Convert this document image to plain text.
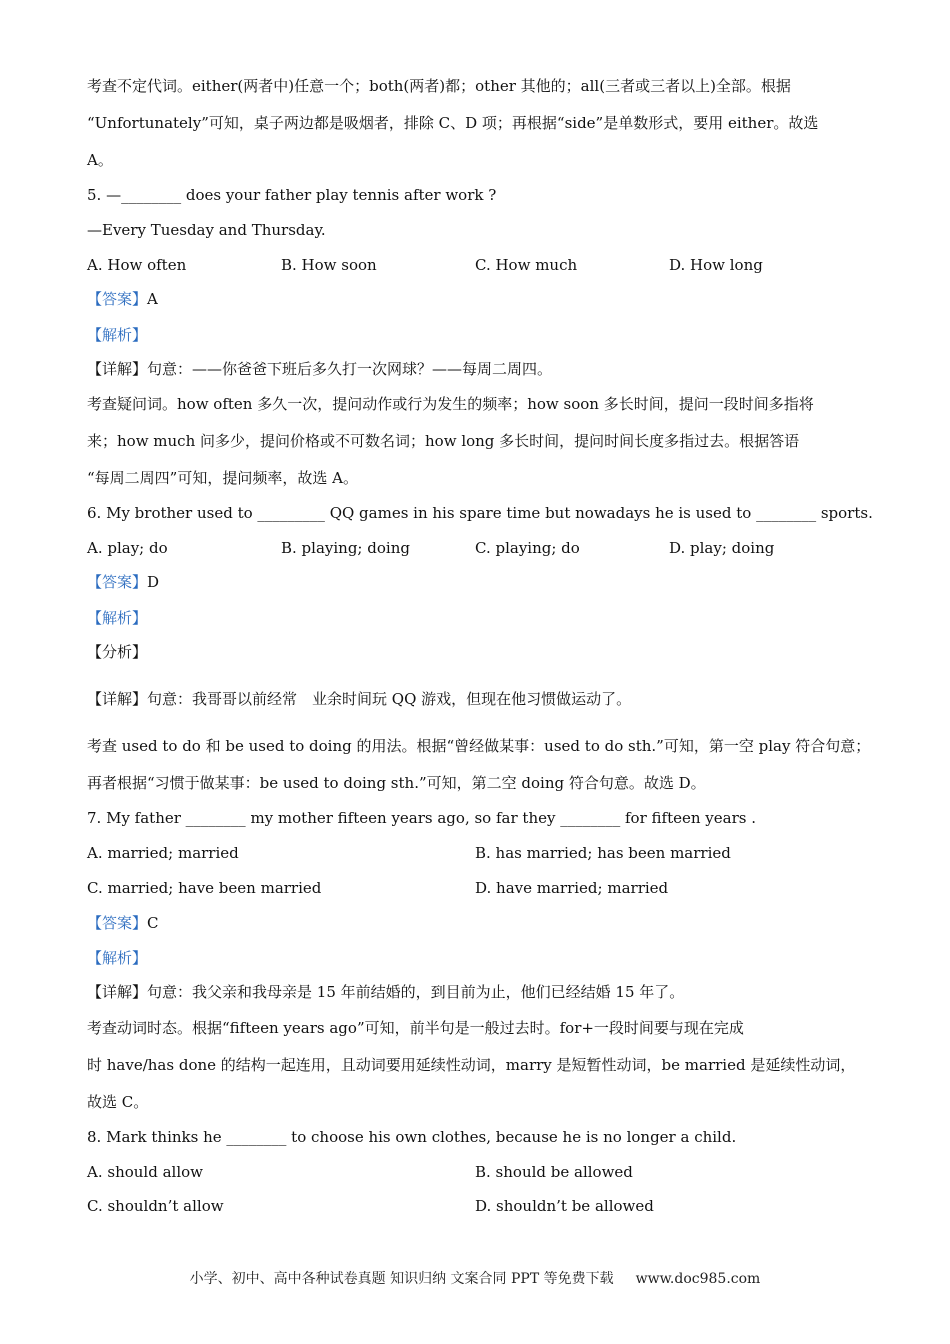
考查不定代词。either(两者中)任意一个；both(两者)都；other 其他的；all(三者或三者以上)全部。根据
“Unfortunately”可知，桌子两边都是吸烟者，排除 C、D 项；再根据“side”是单数形式，要用 either。故选
A。
5. —________ does your father play tennis after work ?
—Every Tuesday and Thursday.
A. How often	B. How soon	C. How much	D. How long
【答案】A
【解析】
【详解】句意：——你爸爸下班后多久打一次网球？——每周二周四。
考查疑问词。how often 多久一次，提问动作或行为发生的频率；how soon 多长时间，提问一段时间多指将
来；how much 问多少，提问价格或不可数名词；how long 多长时间，提问时间长度多指过去。根据答语
“每周二周四”可知，提问频率，故选 A。
6. My brother used to _________ QQ games in his spare time but nowadays he is used to ________ sports.
A. play; do	B. playing; doing	C. playing; do	D. play; doing
【答案】D
【解析】
【分析】
【详解】句意：我哥哥以前经常　业余时间玩 QQ 游戏，但现在他习惯做运动了。
考查 used to do 和 be used to doing 的用法。根据“曾经做某事：used to do sth.”可知，第一空 play 符合句意；
再者根据“习惯于做某事：be used to doing sth.”可知，第二空 doing 符合句意。故选 D。
7. My father ________ my mother fifteen years ago, so far they ________ for fifteen years .
A. married; married	B. has married; has been married
C. married; have been married	D. have married; married
【答案】C
【解析】
【详解】句意：我父亲和我母亲是 15 年前结婚的，到目前为止，他们已经结婚 15 年了。
考查动词时态。根据“fifteen years ago”可知，前半句是一般过去时。for+一段时间要与现在完成
时 have/has done 的结构一起连用，且动词要用延续性动词，marry 是短暂性动词，be married 是延续性动词，
故选 C。
8. Mark thinks he ________ to choose his own clothes, because he is no longer a child.
A. should allow	B. should be allowed
C. shouldn’t allow	D. shouldn’t be allowed
小学、初中、高中各种试卷真题 知识归纳 文案合同 PPT 等免费下载 www.doc985.com
